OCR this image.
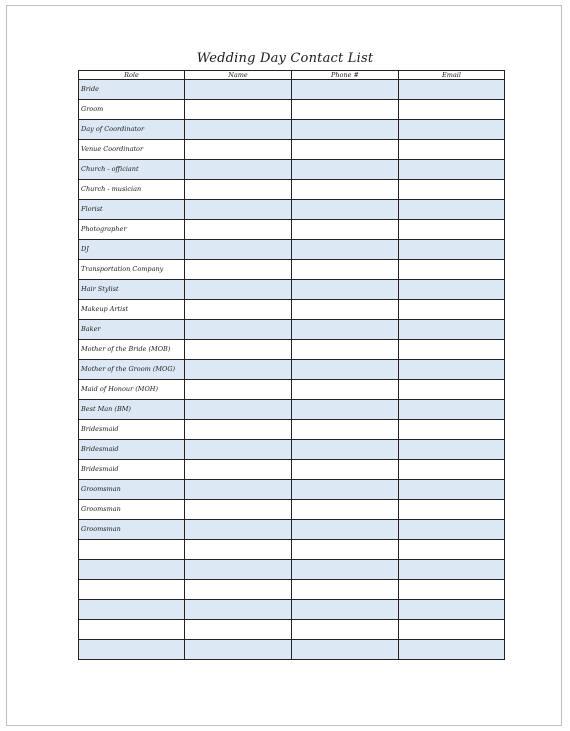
Wedding Day Contact List
Role	Name	Phone #	Email
Bride			
Groom			
Day of Coordinator			
Venue Coordinator			
Church - officiant			
Church - musician			
Florist			
Photographer			
DJ			
Transportation Company			
Hair Stylist			
Makeup Artist			
Baker			
Mother of the Bride (MOB)			
Mother of the Groom (MOG)			
Maid of Honour (MOH)			
Best Man (BM)			
Bridesmaid			
Bridesmaid			
Bridesmaid			
Groomsman			
Groomsman			
Groomsman			
